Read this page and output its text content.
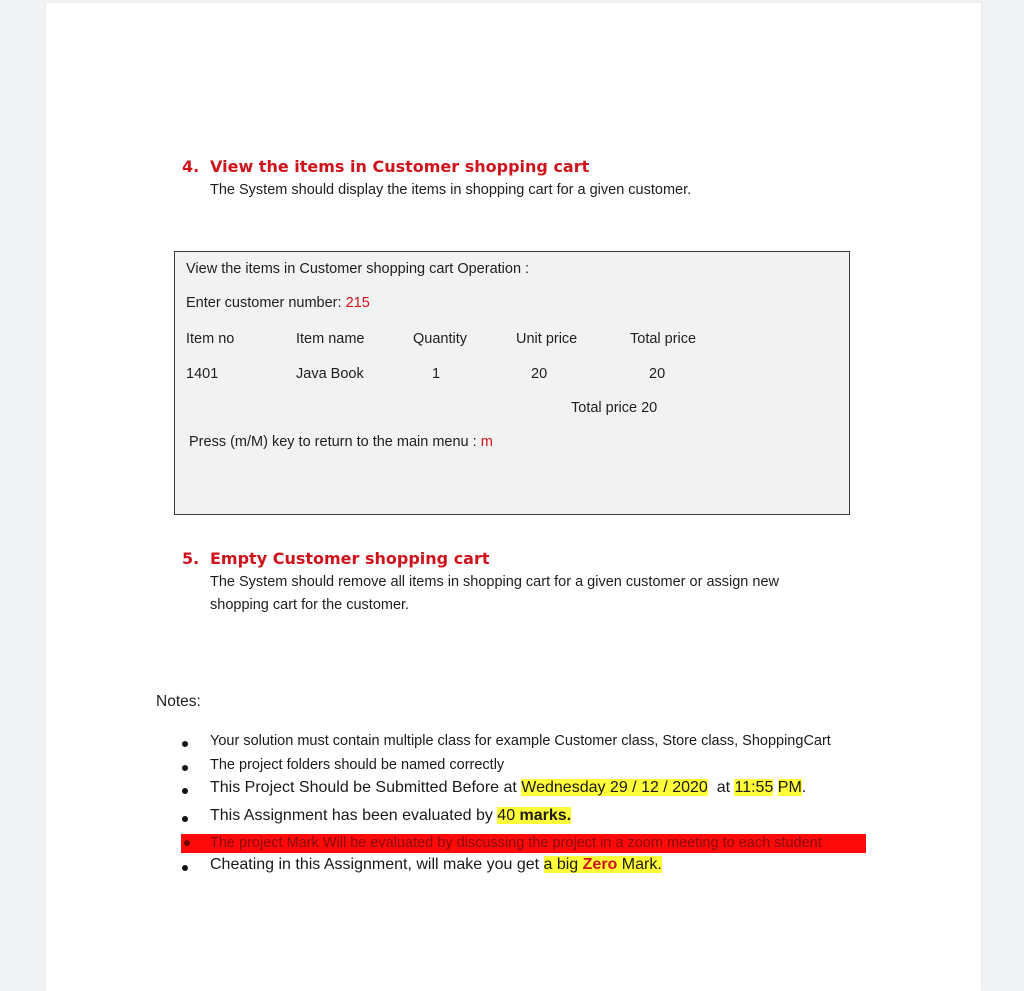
4. View the items in Customer shopping cart
The System should display the items in shopping cart for a given customer.
View the items in Customer shopping cart Operation :
Enter customer number: 215
Item no	Item name	Quantity	Unit price	Total price
1401	Java Book	1	20	20
Total price 20
Press (m/M) key to return to the main menu : m
5. Empty Customer shopping cart
The System should remove all items in shopping cart for a given customer or assign new
shopping cart for the customer.
Notes:
Your solution must contain multiple class for example Customer class, Store class, ShoppingCart
The project folders should be named correctly
This Project Should be Submitted Before at Wednesday 29 / 12 / 2020  at 11:55 PM.
This Assignment has been evaluated by 40 marks.
The project Mark Will be evaluated by discussing the project in a zoom meeting to each student
Cheating in this Assignment, will make you get a big Zero Mark.
